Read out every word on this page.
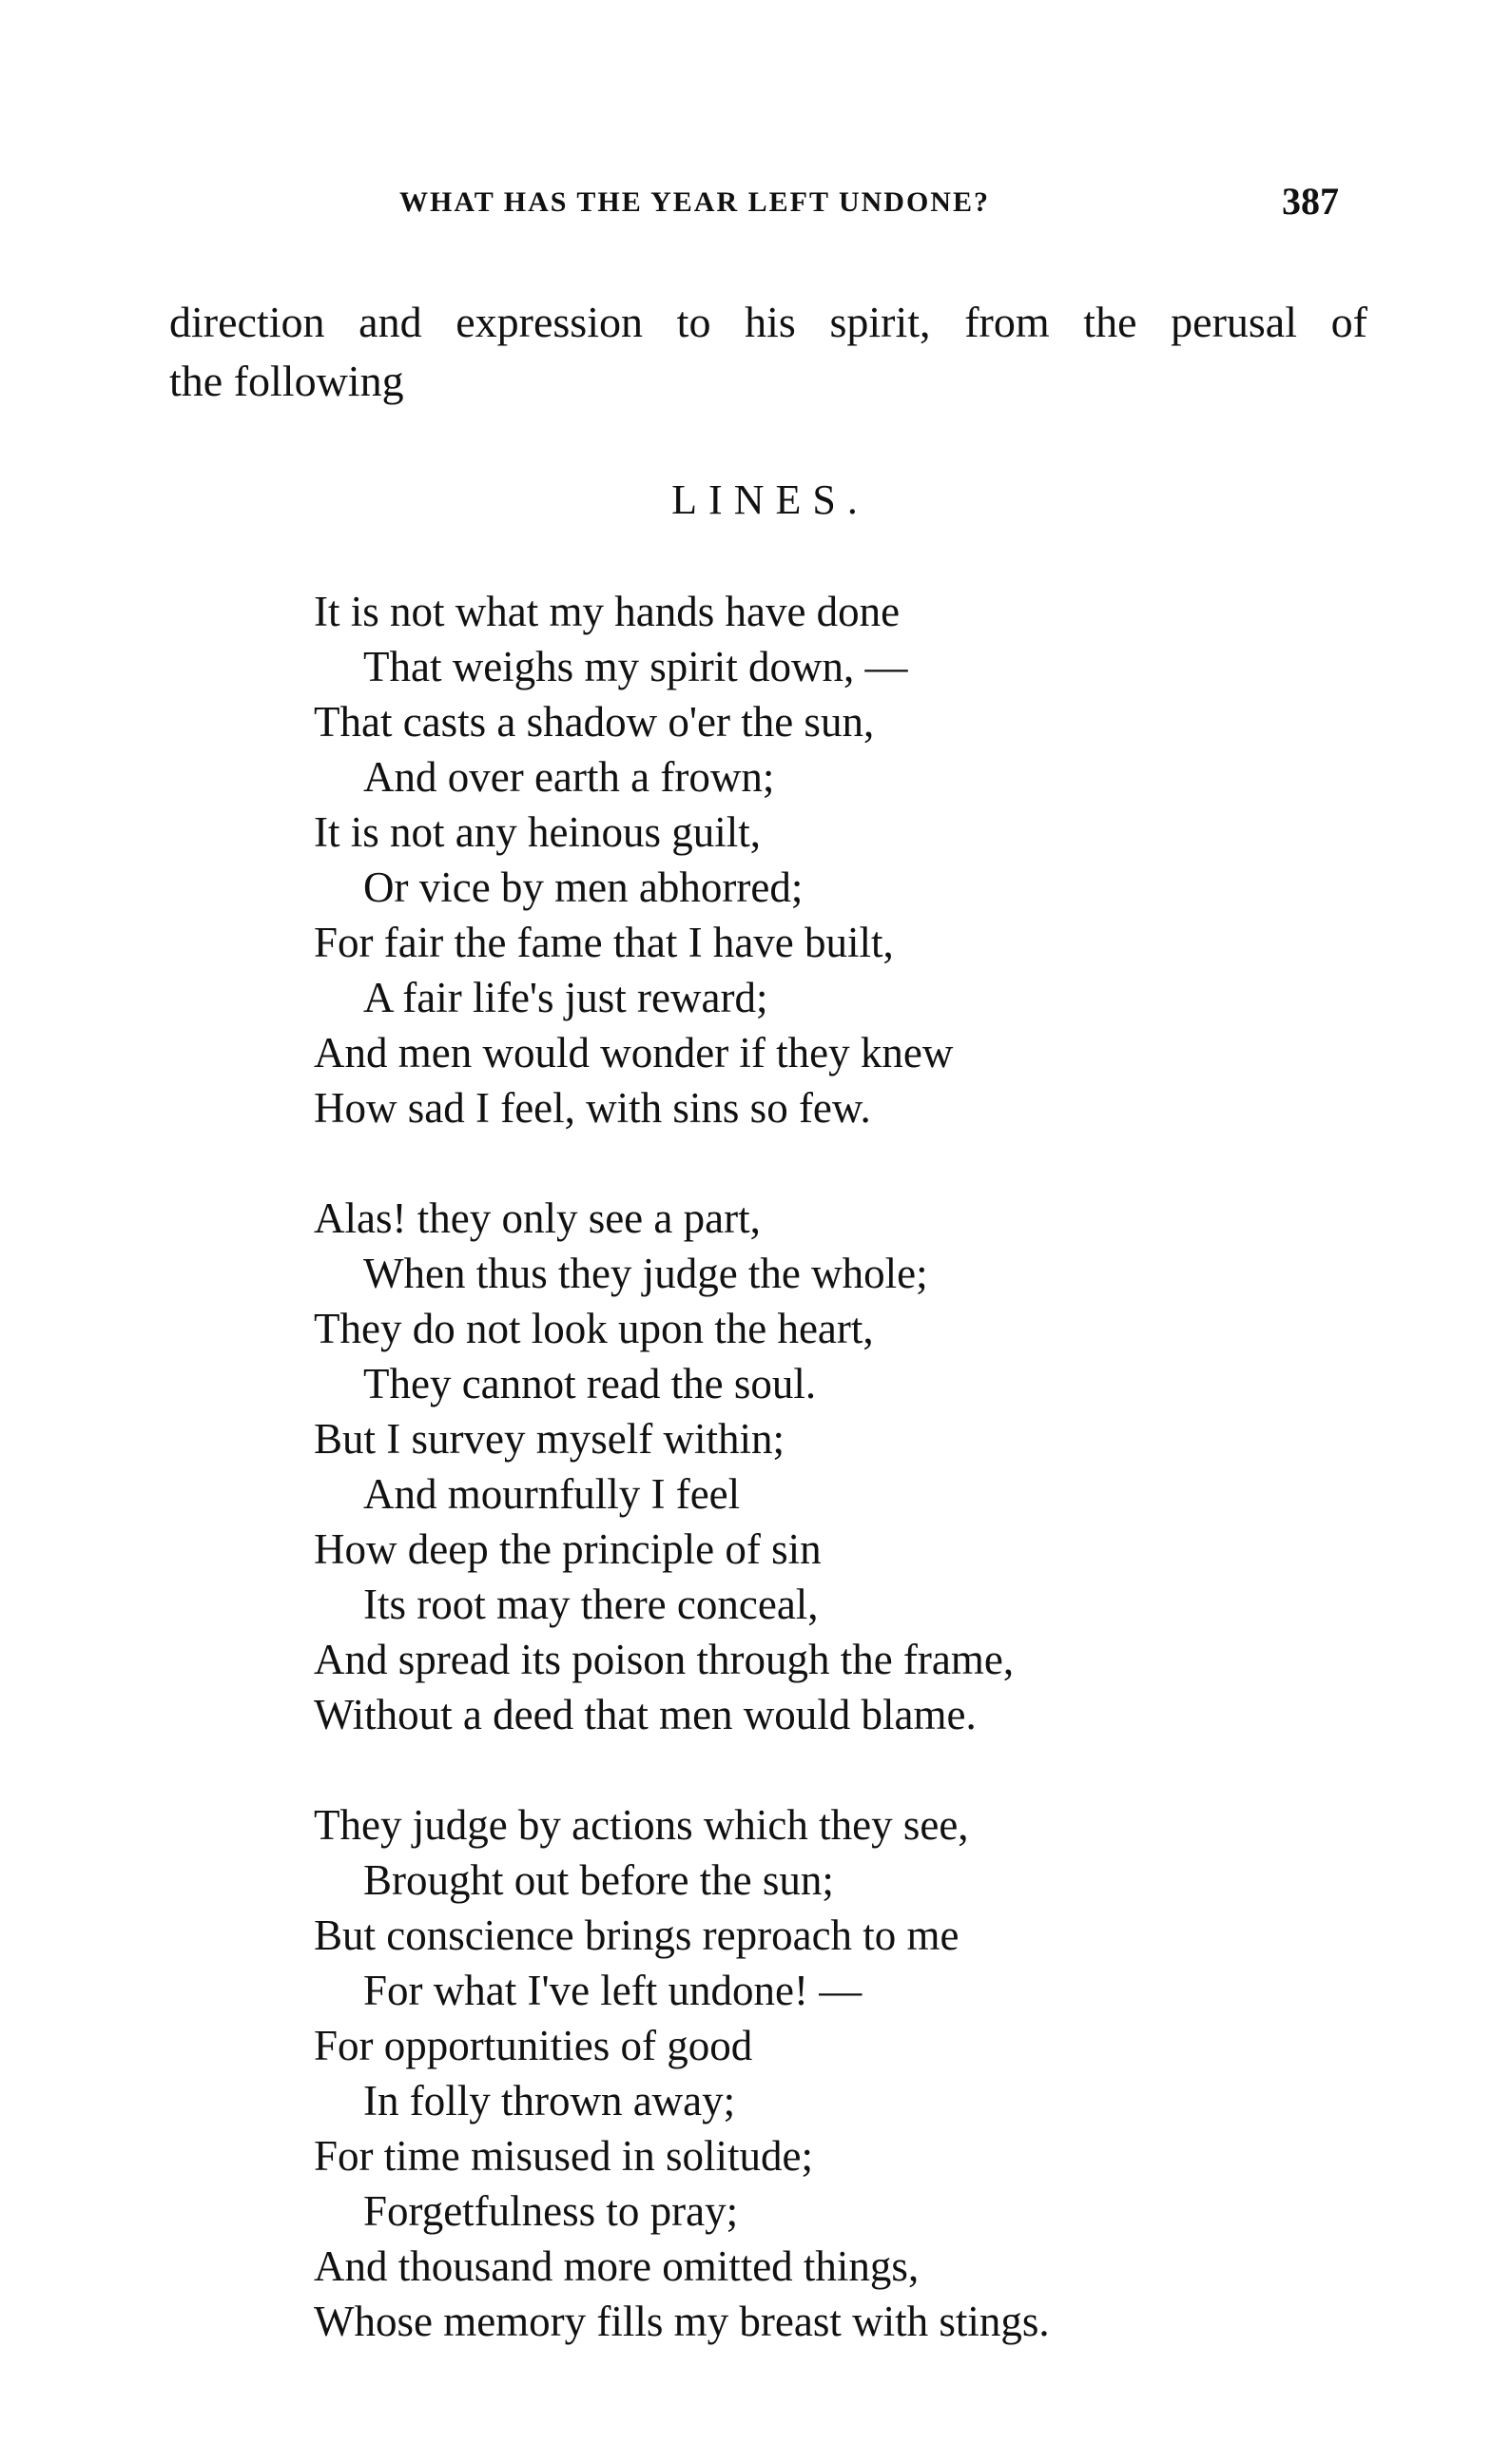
WHAT HAS THE YEAR LEFT UNDONE?	387
direction and expression to his spirit, from the perusal of
the following
LINES.
It is not what my hands have done
That weighs my spirit down, —
That casts a shadow o'er the sun,
And over earth a frown;
It is not any heinous guilt,
Or vice by men abhorred;
For fair the fame that I have built,
A fair life's just reward;
And men would wonder if they knew
How sad I feel, with sins so few.
Alas! they only see a part,
When thus they judge the whole;
They do not look upon the heart,
They cannot read the soul.
But I survey myself within;
And mournfully I feel
How deep the principle of sin
Its root may there conceal,
And spread its poison through the frame,
Without a deed that men would blame.
They judge by actions which they see,
Brought out before the sun;
But conscience brings reproach to me
For what I've left undone! —
For opportunities of good
In folly thrown away;
For time misused in solitude;
Forgetfulness to pray;
And thousand more omitted things,
Whose memory fills my breast with stings.
